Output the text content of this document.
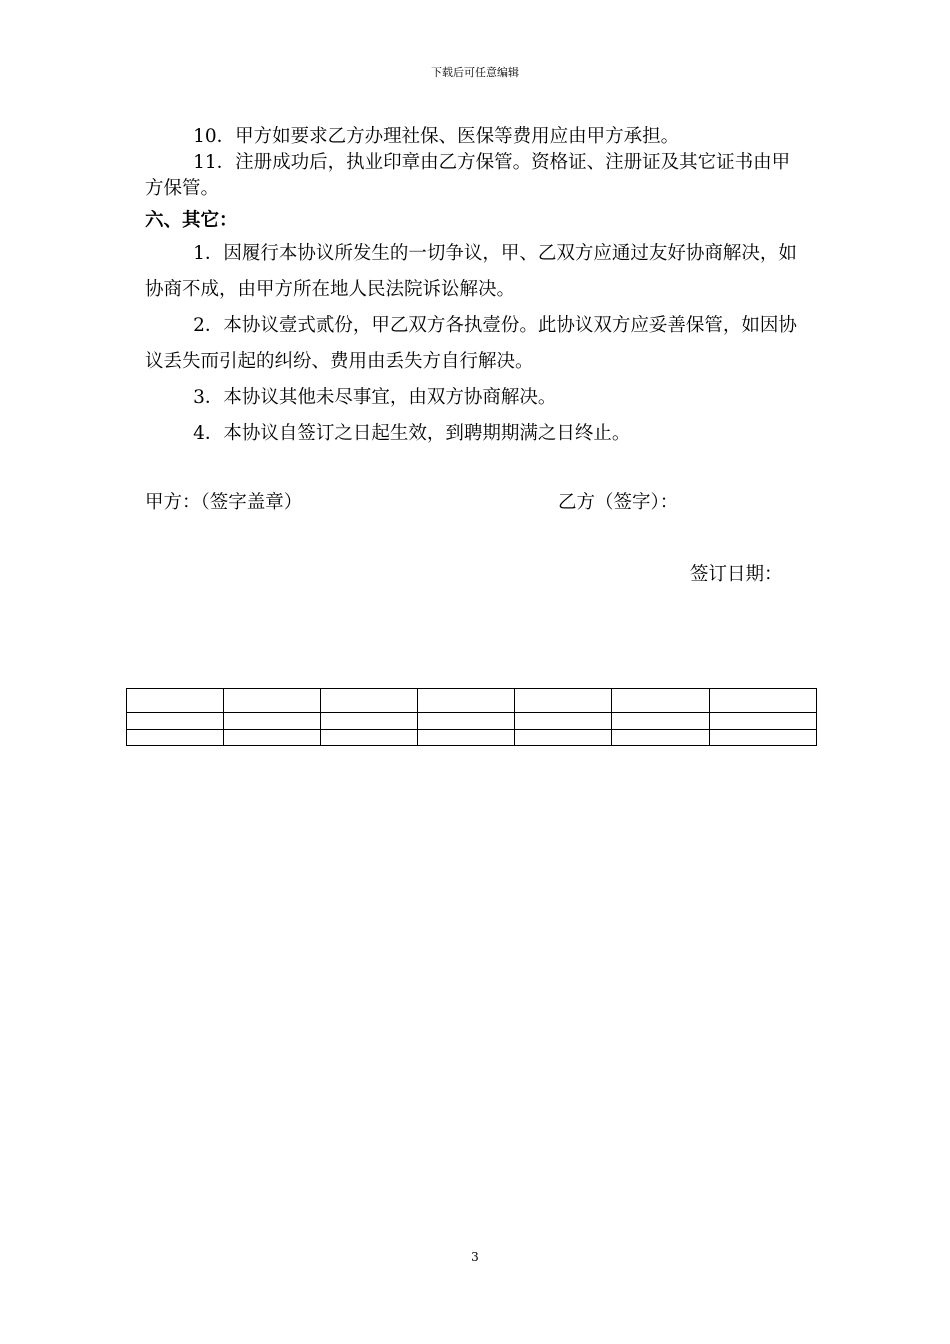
下载后可任意编辑

10．甲方如要求乙方办理社保、医保等费用应由甲方承担。

11．注册成功后，执业印章由乙方保管。资格证、注册证及其它证书由甲方保管。

六、其它：

1．因履行本协议所发生的一切争议，甲、乙双方应通过友好协商解决，如协商不成，由甲方所在地人民法院诉讼解决。

2．本协议壹式贰份，甲乙双方各执壹份。此协议双方应妥善保管，如因协议丢失而引起的纠纷、费用由丢失方自行解决。

3．本协议其他未尽事宜，由双方协商解决。

4．本协议自签订之日起生效，到聘期期满之日终止。

甲方：（签字盖章）	乙方（签字）：
签订日期：

3
